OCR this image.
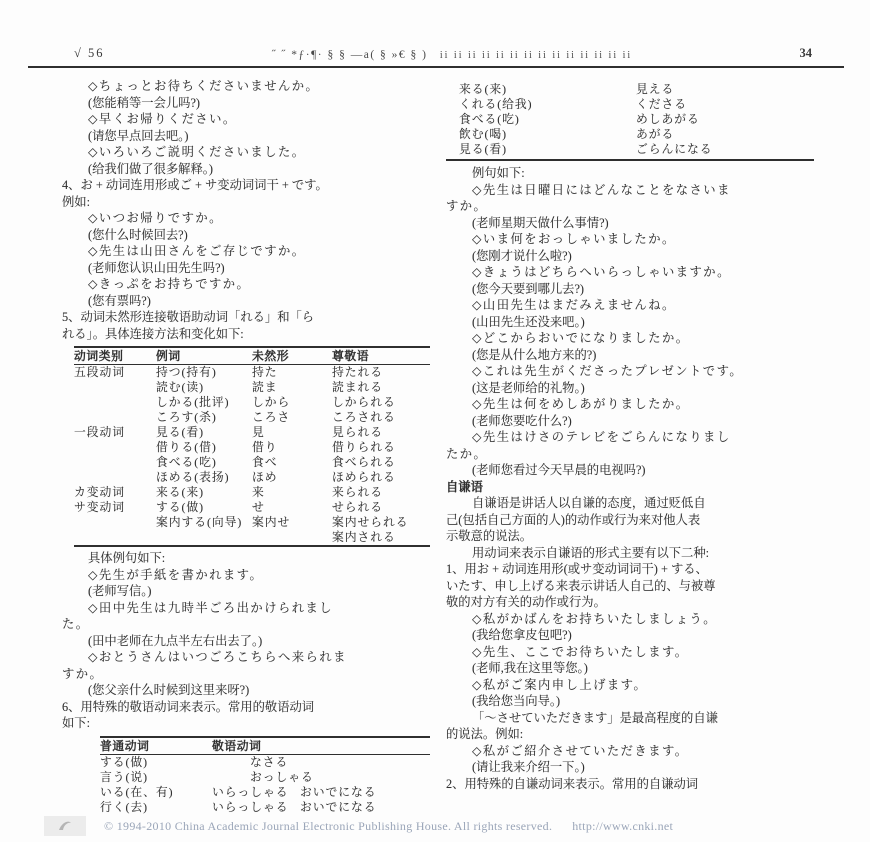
√ 56	˝ ˝ *ƒ·¶· § § —a( § »€ § ) ii ii ii ii ii ii ii ii ii ii ii ii ii ii	34
◇ちょっとお待ちくださいませんか。
(您能稍等一会儿吗?)
◇早くお帰りください。
(请您早点回去吧。)
◇いろいろご説明くださいました。
(给我们做了很多解释。)
4、お + 动词连用形或ご + サ变动词词干 + です。
例如:
◇いつお帰りですか。
(您什么时候回去?)
◇先生は山田さんをご存じですか。
(老师您认识山田先生吗?)
◇きっぷをお持ちですか。
(您有票吗?)
5、动词未然形连接敬语助动词「れる」和「ら
れる」。具体连接方法和变化如下:
动词类别	例词	未然形	尊敬语
五段动词	持つ(持有)	持た	持たれる
	読む(读)	読ま	読まれる
	しかる(批评)	しから	しかられる
	ころす(杀)	ころさ	ころされる
一段动词	見る(看)	見	見られる
	借りる(借)	借り	借りられる
	食べる(吃)	食べ	食べられる
	ほめる(表扬)	ほめ	ほめられる
カ变动词	来る(来)	来	来られる
サ变动词	する(做)	せ	せられる
	案内する(向导)	案内せ	案内せられる
			案内される
具体例句如下:
◇先生が手紙を書かれます。
(老师写信。)
◇田中先生は九時半ごろ出かけられまし
た。
(田中老师在九点半左右出去了。)
◇おとうさんはいつごろこちらへ来られま
すか。
(您父亲什么时候到这里来呀?)
6、用特殊的敬语动词来表示。常用的敬语动词
如下:
普通动词	敬语动词	
する(做)	なさる	
言う(说)	おっしゃる	
いる(在、有)	いらっしゃる	おいでになる
行く(去)	いらっしゃる	おいでになる
来る(来)	見える
くれる(给我)	くださる
食べる(吃)	めしあがる
飲む(喝)	あがる
見る(看)	ごらんになる
例句如下:
◇先生は日曜日にはどんなことをなさいま
すか。
(老师星期天做什么事情?)
◇いま何をおっしゃいましたか。
(您刚才说什么啦?)
◇きょうはどちらへいらっしゃいますか。
(您今天要到哪儿去?)
◇山田先生はまだみえませんね。
(山田先生还没来吧。)
◇どこからおいでになりましたか。
(您是从什么地方来的?)
◇これは先生がくださったプレゼントです。
(这是老师给的礼物。)
◇先生は何をめしあがりましたか。
(老师您要吃什么?)
◇先生はけさのテレビをごらんになりまし
たか。
(老师您看过今天早晨的电视吗?)
自谦语
自谦语是讲话人以自谦的态度，通过贬低自
己(包括自己方面的人)的动作或行为来对他人表
示敬意的说法。
用动词来表示自谦语的形式主要有以下二种:
1、用お + 动词连用形(或サ变动词词干) + する、
いたす、申し上げる来表示讲话人自己的、与被尊
敬的对方有关的动作或行为。
◇私がかばんをお持ちいたしましょう。
(我给您拿皮包吧?)
◇先生、ここでお待ちいたします。
(老师,我在这里等您。)
◇私がご案内申し上げます。
(我给您当向导。)
「〜させていただきます」是最高程度的自谦
的说法。例如:
◇私がご紹介させていただきます。
(请让我来介绍一下。)
2、用特殊的自谦动词来表示。常用的自谦动词
© 1994-2010 China Academic Journal Electronic Publishing House. All rights reserved. http://www.cnki.net
